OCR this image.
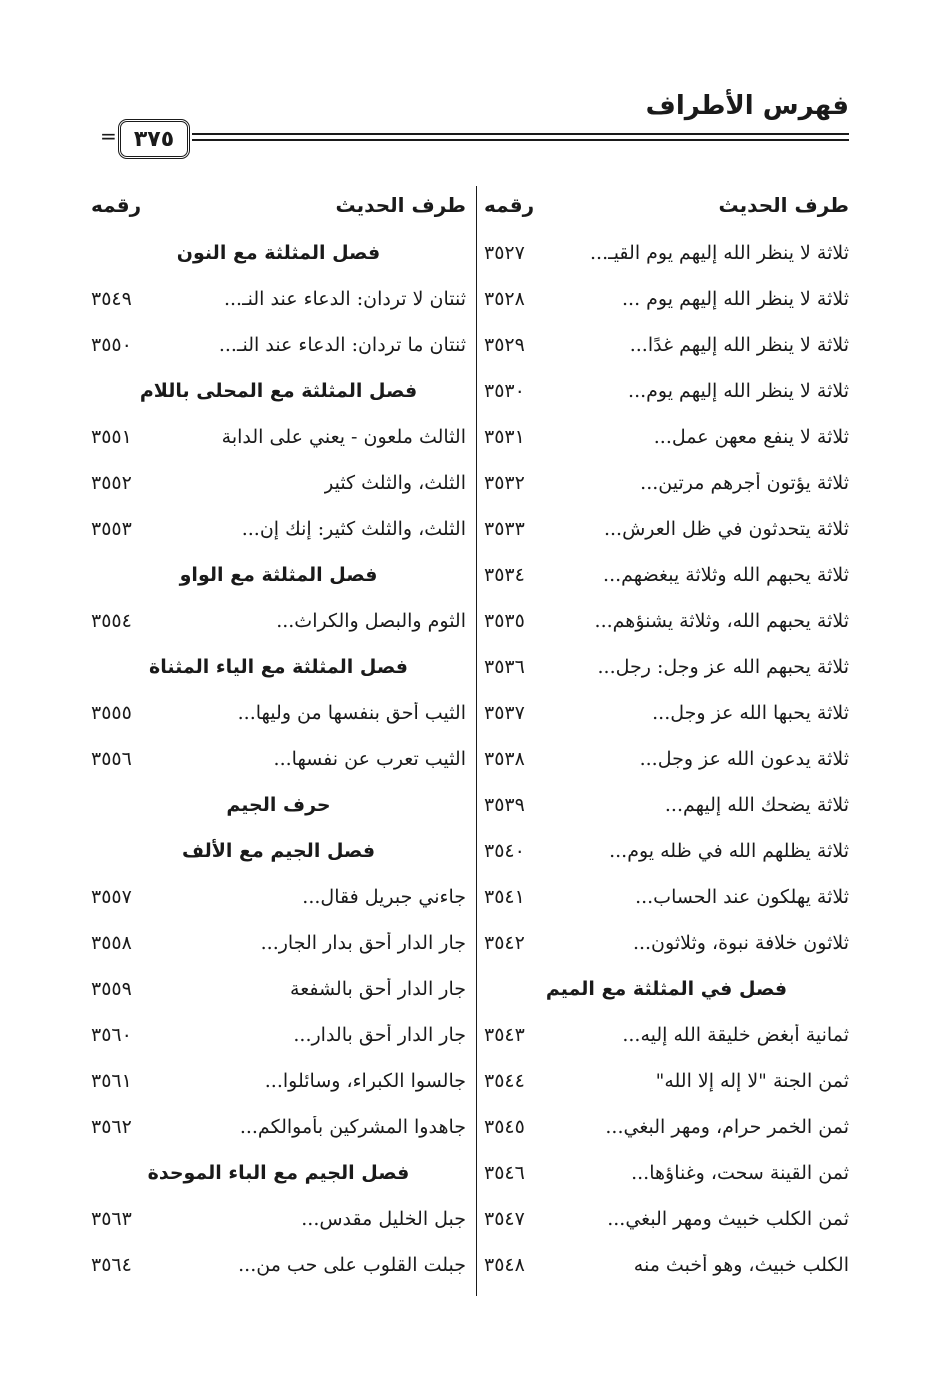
فهرس الأطراف
٣٧٥
=
طرف الحديث
رقمه
ثلاثة لا ينظر الله إليهم يوم القيـ...
٣٥٢٧
ثلاثة لا ينظر الله إليهم يوم ...
٣٥٢٨
ثلاثة لا ينظر الله إليهم غدًا...
٣٥٢٩
ثلاثة لا ينظر الله إليهم يوم...
٣٥٣٠
ثلاثة لا ينفع معهن عمل...
٣٥٣١
ثلاثة يؤتون أجرهم مرتين...
٣٥٣٢
ثلاثة يتحدثون في ظل العرش...
٣٥٣٣
ثلاثة يحبهم الله وثلاثة يبغضهم...
٣٥٣٤
ثلاثة يحبهم الله، وثلاثة يشنؤهم...
٣٥٣٥
ثلاثة يحبهم الله عز وجل: رجل...
٣٥٣٦
ثلاثة يحبها الله عز وجل...
٣٥٣٧
ثلاثة يدعون الله عز وجل...
٣٥٣٨
ثلاثة يضحك الله إليهم...
٣٥٣٩
ثلاثة يظلهم الله في ظله يوم...
٣٥٤٠
ثلاثة يهلكون عند الحساب...
٣٥٤١
ثلاثون خلافة نبوة، وثلاثون...
٣٥٤٢
فصل في المثلثة مع الميم
ثمانية أبغض خليقة الله إليه...
٣٥٤٣
ثمن الجنة "لا إله إلا الله"
٣٥٤٤
ثمن الخمر حرام، ومهر البغي...
٣٥٤٥
ثمن القينة سحت، وغناؤها...
٣٥٤٦
ثمن الكلب خبيث ومهر البغي...
٣٥٤٧
الكلب خبيث، وهو أخبث منه
٣٥٤٨
طرف الحديث
رقمه
فصل المثلثة مع النون
ثنتان لا تردان: الدعاء عند النـ...
٣٥٤٩
ثنتان ما تردان: الدعاء عند النـ...
٣٥٥٠
فصل المثلثة مع المحلى باللام
الثالث ملعون - يعني على الدابة
٣٥٥١
الثلث، والثلث كثير
٣٥٥٢
الثلث، والثلث كثير: إنك إن...
٣٥٥٣
فصل المثلثة مع الواو
الثوم والبصل والكراث...
٣٥٥٤
فصل المثلثة مع الياء المثناة
الثيب أحق بنفسها من وليها...
٣٥٥٥
الثيب تعرب عن نفسها...
٣٥٥٦
حرف الجيم
فصل الجيم مع الألف
جاءني جبريل فقال...
٣٥٥٧
جار الدار أحق بدار الجار...
٣٥٥٨
جار الدار أحق بالشفعة
٣٥٥٩
جار الدار أحق بالدار...
٣٥٦٠
جالسوا الكبراء، وسائلوا...
٣٥٦١
جاهدوا المشركين بأموالكم...
٣٥٦٢
فصل الجيم مع الباء الموحدة
جبل الخليل مقدس...
٣٥٦٣
جبلت القلوب على حب من...
٣٥٦٤
